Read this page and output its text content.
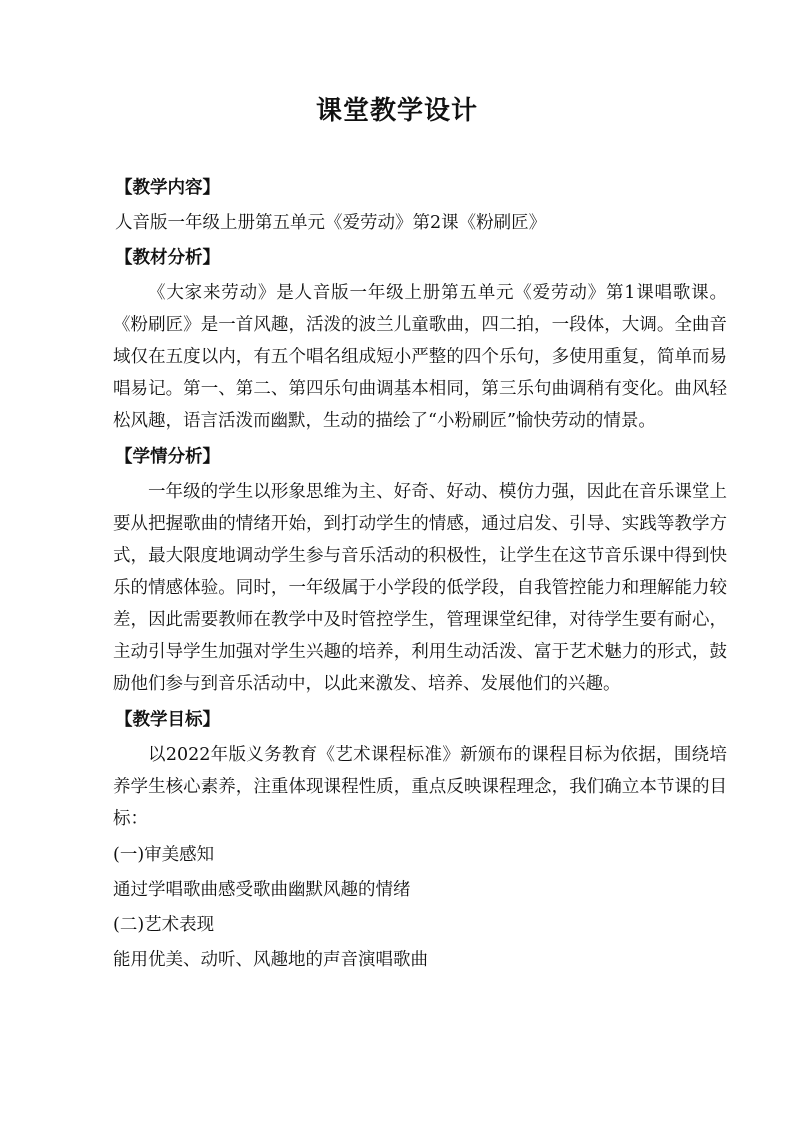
课堂教学设计

【教学内容】

人音版一年级上册第五单元《爱劳动》第2课《粉刷匠》

【教材分析】

《大家来劳动》是人音版一年级上册第五单元《爱劳动》第1课唱歌课。《粉刷匠》是一首风趣，活泼的波兰儿童歌曲，四二拍，一段体，大调。全曲音域仅在五度以内，有五个唱名组成短小严整的四个乐句，多使用重复，简单而易唱易记。第一、第二、第四乐句曲调基本相同，第三乐句曲调稍有变化。曲风轻松风趣，语言活泼而幽默，生动的描绘了“小粉刷匠”愉快劳动的情景。

【学情分析】

一年级的学生以形象思维为主、好奇、好动、模仿力强，因此在音乐课堂上要从把握歌曲的情绪开始，到打动学生的情感，通过启发、引导、实践等教学方式，最大限度地调动学生参与音乐活动的积极性，让学生在这节音乐课中得到快乐的情感体验。同时，一年级属于小学段的低学段，自我管控能力和理解能力较差，因此需要教师在教学中及时管控学生，管理课堂纪律，对待学生要有耐心，主动引导学生加强对学生兴趣的培养，利用生动活泼、富于艺术魅力的形式，鼓励他们参与到音乐活动中，以此来激发、培养、发展他们的兴趣。

【教学目标】

以2022年版义务教育《艺术课程标准》新颁布的课程目标为依据，围绕培养学生核心素养，注重体现课程性质，重点反映课程理念，我们确立本节课的目标：

(一)审美感知

通过学唱歌曲感受歌曲幽默风趣的情绪

(二)艺术表现

能用优美、动听、风趣地的声音演唱歌曲
